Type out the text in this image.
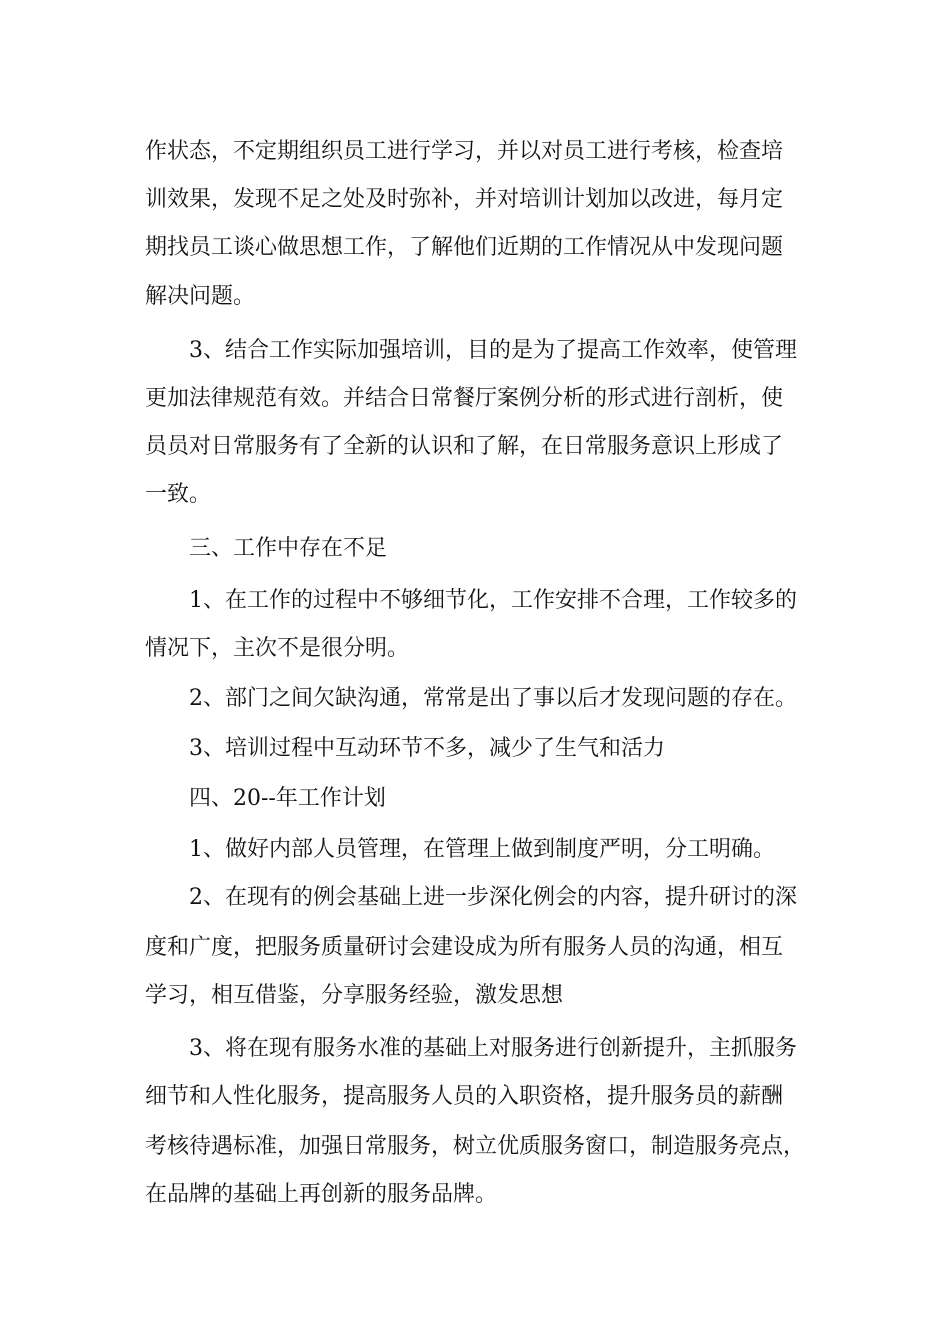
作状态，不定期组织员工进行学习，并以对员工进行考核，检查培
训效果，发现不足之处及时弥补，并对培训计划加以改进，每月定
期找员工谈心做思想工作，了解他们近期的工作情况从中发现问题
解决问题。
3、结合工作实际加强培训，目的是为了提高工作效率，使管理
更加法律规范有效。并结合日常餐厅案例分析的形式进行剖析，使
员员对日常服务有了全新的认识和了解，在日常服务意识上形成了
一致。
三、工作中存在不足
1、在工作的过程中不够细节化，工作安排不合理，工作较多的
情况下，主次不是很分明。
2、部门之间欠缺沟通，常常是出了事以后才发现问题的存在。
3、培训过程中互动环节不多，减少了生气和活力
四、20--年工作计划
1、做好内部人员管理，在管理上做到制度严明，分工明确。
2、在现有的例会基础上进一步深化例会的内容，提升研讨的深
度和广度，把服务质量研讨会建设成为所有服务人员的沟通，相互
学习，相互借鉴，分享服务经验，激发思想
3、将在现有服务水准的基础上对服务进行创新提升，主抓服务
细节和人性化服务，提高服务人员的入职资格，提升服务员的薪酬
考核待遇标准，加强日常服务，树立优质服务窗口，制造服务亮点，
在品牌的基础上再创新的服务品牌。
